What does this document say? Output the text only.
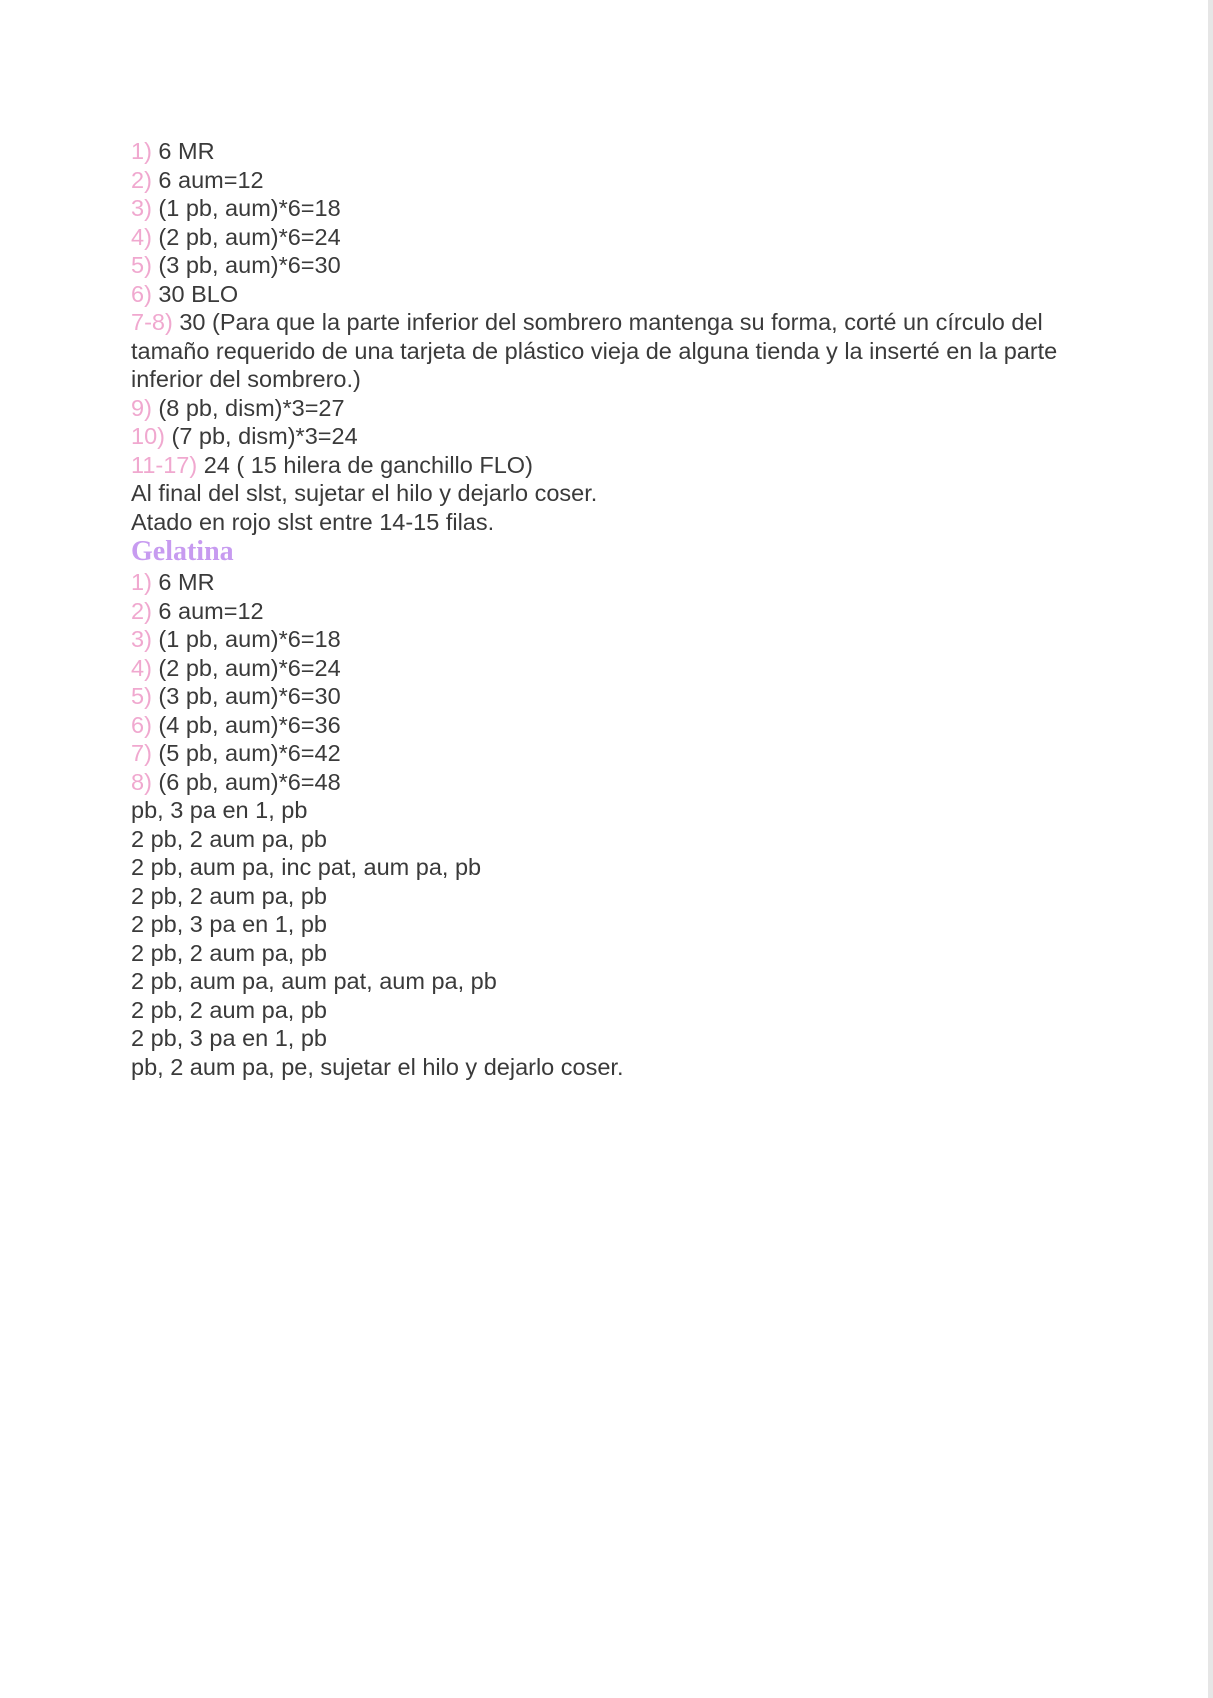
1) 6 MR

2) 6 aum=12

3) (1 pb, aum)*6=18

4) (2 pb, aum)*6=24

5) (3 pb, aum)*6=30

6) 30 BLO

7-8) 30 (Para que la parte inferior del sombrero mantenga su forma, corté un círculo del tamaño requerido de una tarjeta de plástico vieja de alguna tienda y la inserté en la parte inferior del sombrero.)

9) (8 pb, dism)*3=27

10) (7 pb, dism)*3=24

11-17) 24 ( 15 hilera de ganchillo FLO)

Al final del slst, sujetar el hilo y dejarlo coser.

Atado en rojo slst entre 14-15 filas.

Gelatina

1) 6 MR

2) 6 aum=12

3) (1 pb, aum)*6=18

4) (2 pb, aum)*6=24

5) (3 pb, aum)*6=30

6) (4 pb, aum)*6=36

7) (5 pb, aum)*6=42

8) (6 pb, aum)*6=48

pb, 3 pa en 1, pb

2 pb, 2 aum pa, pb

2 pb, aum pa, inc pat, aum pa, pb

2 pb, 2 aum pa, pb

2 pb, 3 pa en 1, pb

2 pb, 2 aum pa, pb

2 pb, aum pa, aum pat, aum pa, pb

2 pb, 2 aum pa, pb

2 pb, 3 pa en 1, pb

pb, 2 aum pa, pe, sujetar el hilo y dejarlo coser.
